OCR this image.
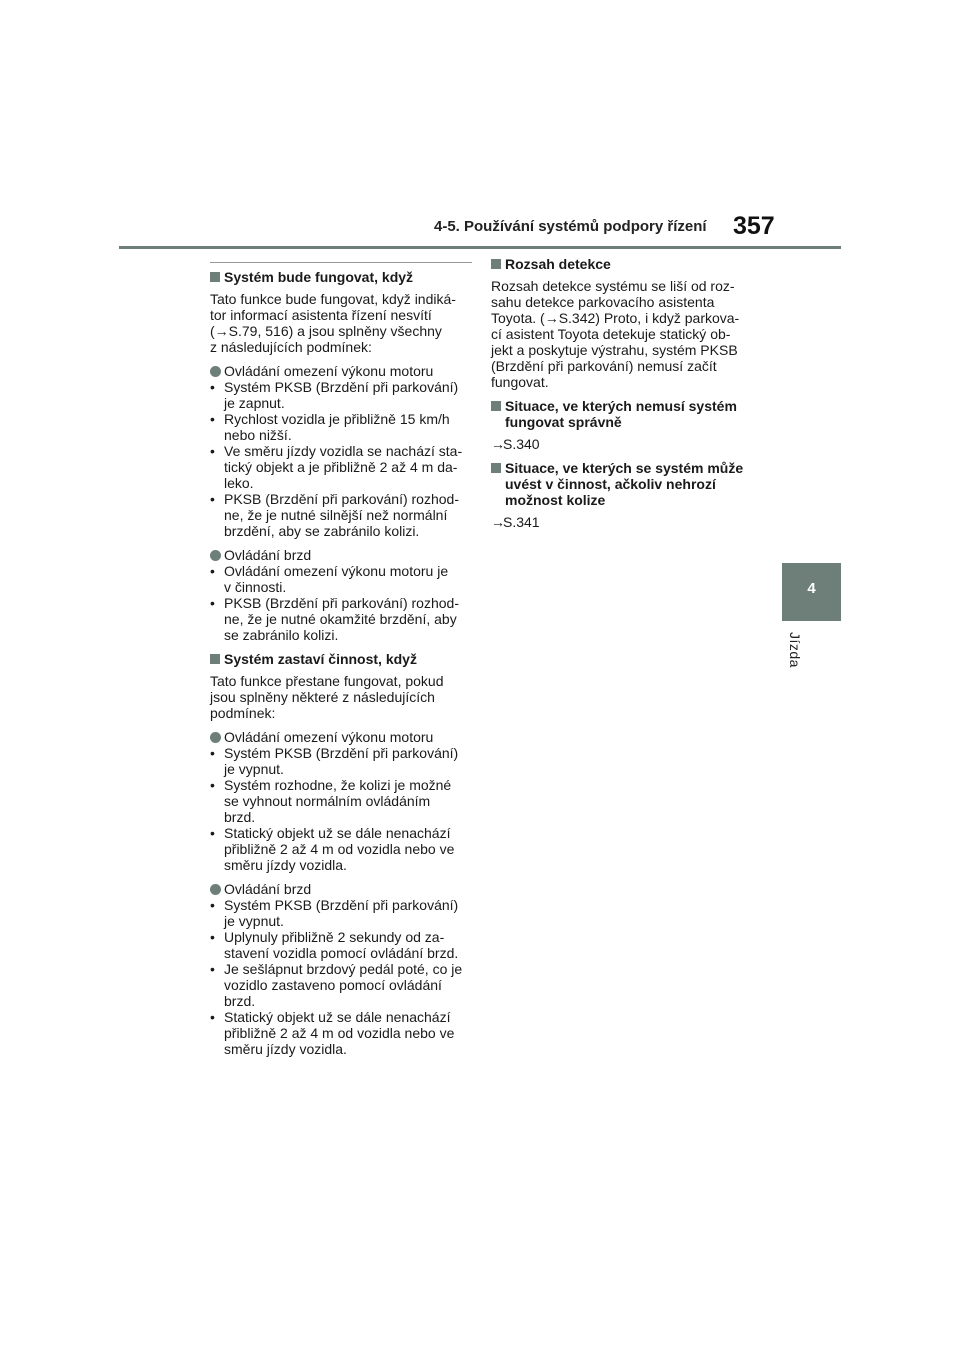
4-5. Používání systémů podpory řízení 357
4
Jízda
Systém bude fungovat, když
Tato funkce bude fungovat, když indiká-
tor informací asistenta řízení nesvítí
(→S.79, 516) a jsou splněny všechny
z následujících podmínek:
Ovládání omezení výkonu motoru
• Systém PKSB (Brzdění při parkování)
je zapnut.
• Rychlost vozidla je přibližně 15 km/h
nebo nižší.
• Ve směru jízdy vozidla se nachází sta-
tický objekt a je přibližně 2 až 4 m da-
leko.
• PKSB (Brzdění při parkování) rozhod-
ne, že je nutné silnější než normální
brzdění, aby se zabránilo kolizi.
Ovládání brzd
• Ovládání omezení výkonu motoru je
v činnosti.
• PKSB (Brzdění při parkování) rozhod-
ne, že je nutné okamžité brzdění, aby
se zabránilo kolizi.
Systém zastaví činnost, když
Tato funkce přestane fungovat, pokud
jsou splněny některé z následujících
podmínek:
Ovládání omezení výkonu motoru
• Systém PKSB (Brzdění při parkování)
je vypnut.
• Systém rozhodne, že kolizi je možné
se vyhnout normálním ovládáním
brzd.
• Statický objekt už se dále nenachází
přibližně 2 až 4 m od vozidla nebo ve
směru jízdy vozidla.
Ovládání brzd
• Systém PKSB (Brzdění při parkování)
je vypnut.
• Uplynuly přibližně 2 sekundy od za-
stavení vozidla pomocí ovládání brzd.
• Je sešlápnut brzdový pedál poté, co je
vozidlo zastaveno pomocí ovládání
brzd.
• Statický objekt už se dále nenachází
přibližně 2 až 4 m od vozidla nebo ve
směru jízdy vozidla.
Rozsah detekce
Rozsah detekce systému se liší od roz-
sahu detekce parkovacího asistenta
Toyota. (→S.342) Proto, i když parkova-
cí asistent Toyota detekuje statický ob-
jekt a poskytuje výstrahu, systém PKSB
(Brzdění při parkování) nemusí začít
fungovat.
Situace, ve kterých nemusí systém
fungovat správně
→
S.340
Situace, ve kterých se systém může
uvést v činnost, ačkoliv nehrozí
možnost kolize
→
S.341
